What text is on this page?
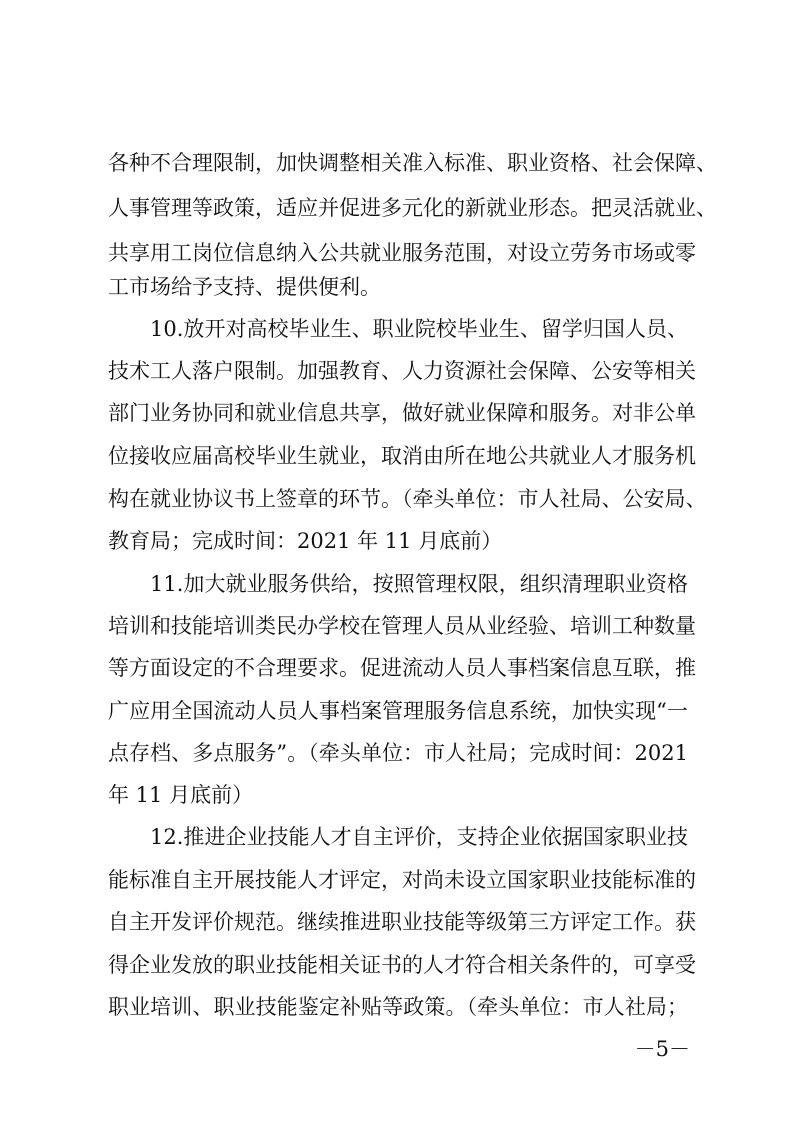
各种不合理限制，加快调整相关准入标准、职业资格、社会保障、
人事管理等政策，适应并促进多元化的新就业形态。把灵活就业、
共享用工岗位信息纳入公共就业服务范围，对设立劳务市场或零
工市场给予支持、提供便利。
10.放开对高校毕业生、职业院校毕业生、留学归国人员、
技术工人落户限制。加强教育、人力资源社会保障、公安等相关
部门业务协同和就业信息共享，做好就业保障和服务。对非公单
位接收应届高校毕业生就业，取消由所在地公共就业人才服务机
构在就业协议书上签章的环节。（牵头单位：市人社局、公安局、
教育局；完成时间：2021 年 11 月底前）
11.加大就业服务供给，按照管理权限，组织清理职业资格
培训和技能培训类民办学校在管理人员从业经验、培训工种数量
等方面设定的不合理要求。促进流动人员人事档案信息互联，推
广应用全国流动人员人事档案管理服务信息系统，加快实现“一
点存档、多点服务”。（牵头单位：市人社局；完成时间：2021
年 11 月底前）
12.推进企业技能人才自主评价，支持企业依据国家职业技
能标准自主开展技能人才评定，对尚未设立国家职业技能标准的
自主开发评价规范。继续推进职业技能等级第三方评定工作。获
得企业发放的职业技能相关证书的人才符合相关条件的，可享受
职业培训、职业技能鉴定补贴等政策。（牵头单位：市人社局；
－5－
